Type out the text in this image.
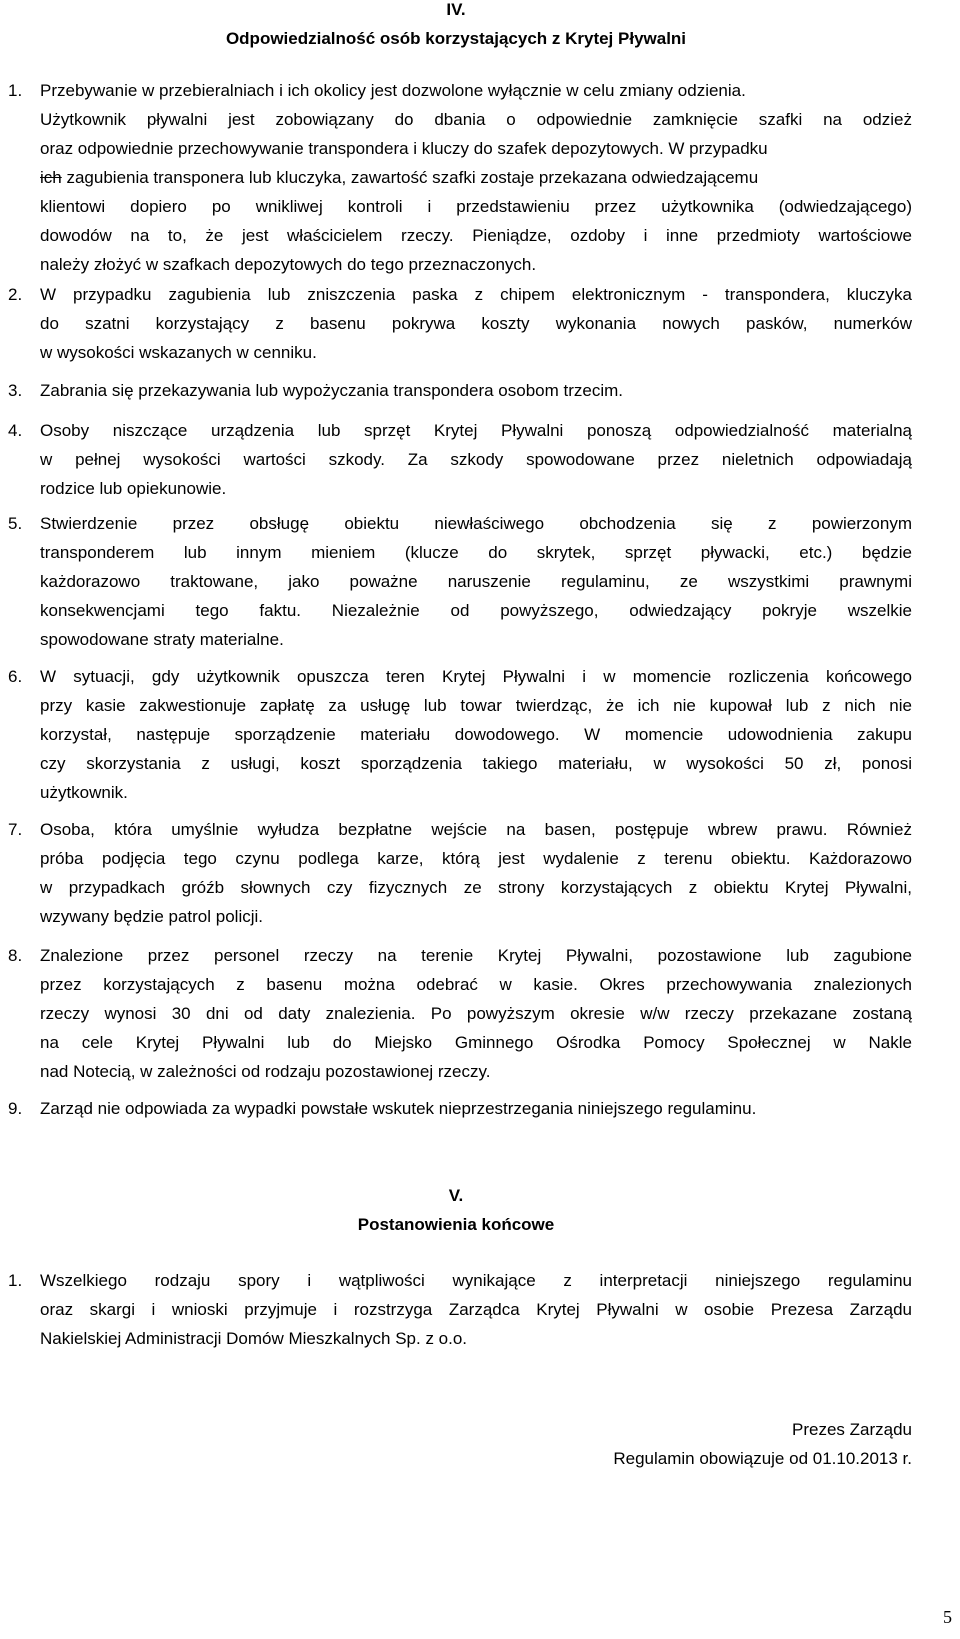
IV.
Odpowiedzialność osób korzystających z Krytej Pływalni
1. Przebywanie w przebieralniach i ich okolicy jest dozwolone wyłącznie w celu zmiany odzienia.
Użytkownik pływalni jest zobowiązany do dbania o odpowiednie zamknięcie szafki na odzież
oraz odpowiednie przechowywanie transpondera i kluczy do szafek depozytowych. W przypadku
ich zagubienia transponera lub kluczyka, zawartość szafki zostaje przekazana odwiedzającemu
klientowi dopiero po wnikliwej kontroli i przedstawieniu przez użytkownika (odwiedzającego)
dowodów na to, że jest właścicielem rzeczy. Pieniądze, ozdoby i inne przedmioty wartościowe
należy złożyć w szafkach depozytowych do tego przeznaczonych.
2. W przypadku zagubienia lub zniszczenia paska z chipem elektronicznym - transpondera, kluczyka
do szatni korzystający z basenu pokrywa koszty wykonania nowych pasków, numerków
w wysokości wskazanych w cenniku.
3. Zabrania się przekazywania lub wypożyczania transpondera osobom trzecim.
4. Osoby niszczące urządzenia lub sprzęt Krytej Pływalni ponoszą odpowiedzialność materialną
w pełnej wysokości wartości szkody. Za szkody spowodowane przez nieletnich odpowiadają
rodzice lub opiekunowie.
5. Stwierdzenie przez obsługę obiektu niewłaściwego obchodzenia się z powierzonym
transponderem lub innym mieniem (klucze do skrytek, sprzęt pływacki, etc.) będzie
każdorazowo traktowane, jako poważne naruszenie regulaminu, ze wszystkimi prawnymi
konsekwencjami tego faktu. Niezależnie od powyższego, odwiedzający pokryje wszelkie
spowodowane straty materialne.
6. W sytuacji, gdy użytkownik opuszcza teren Krytej Pływalni i w momencie rozliczenia końcowego
przy kasie zakwestionuje zapłatę za usługę lub towar twierdząc, że ich nie kupował lub z nich nie
korzystał, następuje sporządzenie materiału dowodowego. W momencie udowodnienia zakupu
czy skorzystania z usługi, koszt sporządzenia takiego materiału, w wysokości 50 zł, ponosi
użytkownik.
7. Osoba, która umyślnie wyłudza bezpłatne wejście na basen, postępuje wbrew prawu. Również
próba podjęcia tego czynu podlega karze, którą jest wydalenie z terenu obiektu. Każdorazowo
w przypadkach gróźb słownych czy fizycznych ze strony korzystających z obiektu Krytej Pływalni,
wzywany będzie patrol policji.
8. Znalezione przez personel rzeczy na terenie Krytej Pływalni, pozostawione lub zagubione
przez korzystających z basenu można odebrać w kasie. Okres przechowywania znalezionych
rzeczy wynosi 30 dni od daty znalezienia. Po powyższym okresie w/w rzeczy przekazane zostaną
na cele Krytej Pływalni lub do Miejsko Gminnego Ośrodka Pomocy Społecznej w Nakle
nad Notecią, w zależności od rodzaju pozostawionej rzeczy.
9. Zarząd nie odpowiada za wypadki powstałe wskutek nieprzestrzegania niniejszego regulaminu.
V.
Postanowienia końcowe
1. Wszelkiego rodzaju spory i wątpliwości wynikające z interpretacji niniejszego regulaminu
oraz skargi i wnioski przyjmuje i rozstrzyga Zarządca Krytej Pływalni w osobie Prezesa Zarządu
Nakielskiej Administracji Domów Mieszkalnych Sp. z o.o.
Prezes Zarządu
Regulamin obowiązuje od 01.10.2013 r.
5
